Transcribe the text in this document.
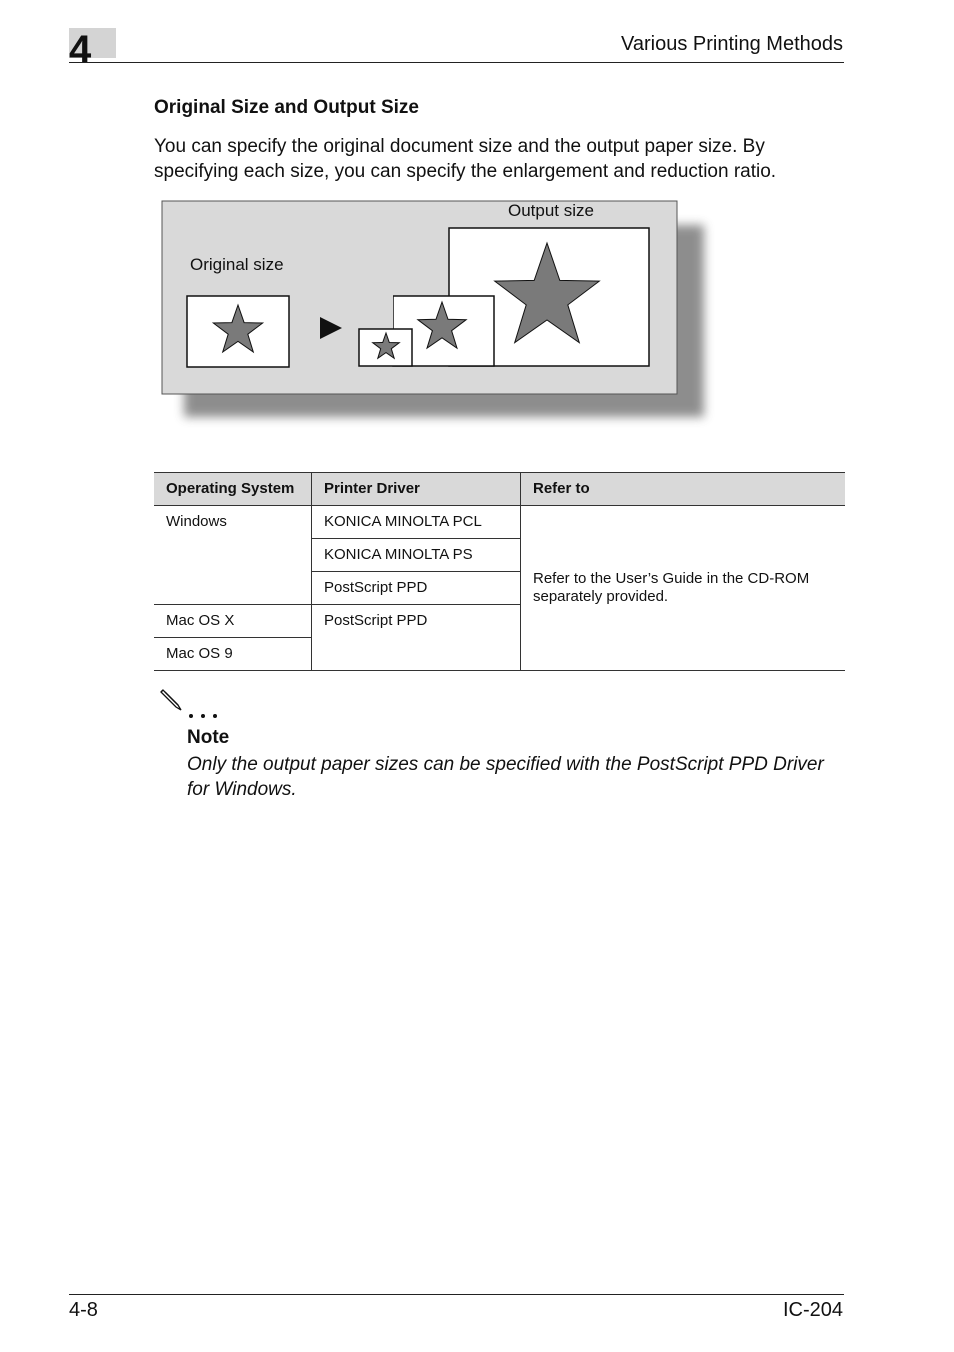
4	Various Printing Methods
Original Size and Output Size

You can specify the original document size and the output paper size. By specifying each size, you can specify the enlargement and reduction ratio.

Original size
Output size
Operating System	Printer Driver	Refer to
Windows	KONICA MINOLTA PCL	Refer to the User’s Guide in the CD-ROM separately provided.
	KONICA MINOLTA PS	
	PostScript PPD	
Mac OS X	PostScript PPD	
Mac OS 9		
Note

Only the output paper sizes can be specified with the PostScript PPD Driver for Windows.

4-8	IC-204
